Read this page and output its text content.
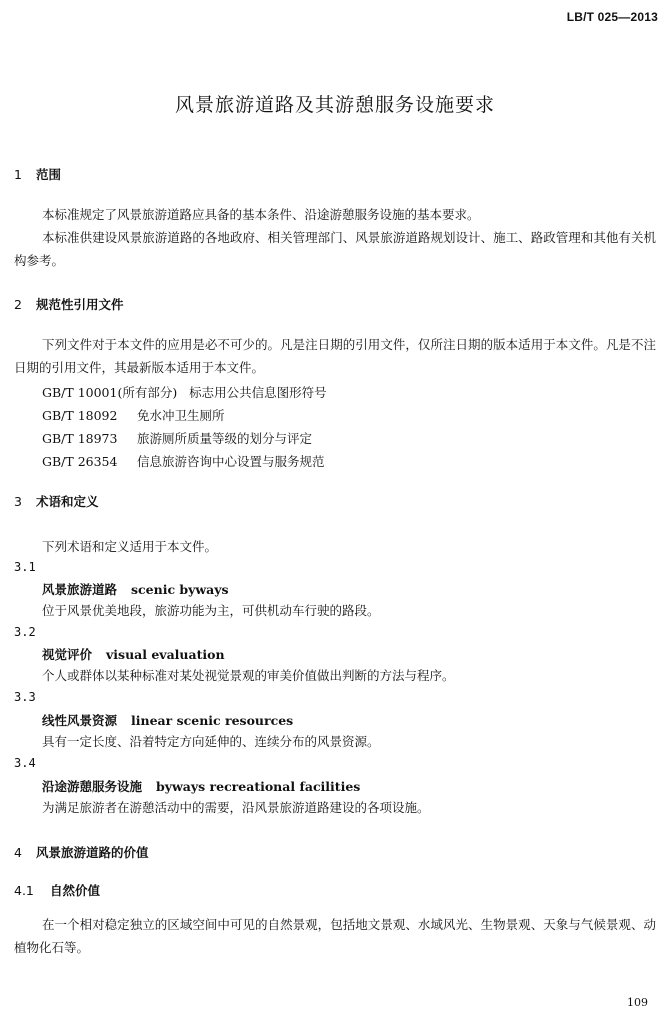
LB/T 025—2013
风景旅游道路及其游憩服务设施要求
1 范围
本标准规定了风景旅游道路应具备的基本条件、沿途游憩服务设施的基本要求。
本标准供建设风景旅游道路的各地政府、相关管理部门、风景旅游道路规划设计、施工、路政管理和其他有关机构参考。
2 规范性引用文件
下列文件对于本文件的应用是必不可少的。凡是注日期的引用文件，仅所注日期的版本适用于本文件。凡是不注日期的引用文件，其最新版本适用于本文件。
GB/T 10001(所有部分) 标志用公共信息图形符号
GB/T 18092 免水冲卫生厕所
GB/T 18973 旅游厕所质量等级的划分与评定
GB/T 26354 信息旅游咨询中心设置与服务规范
3 术语和定义
下列术语和定义适用于本文件。
3.1
风景旅游道路 scenic byways
位于风景优美地段，旅游功能为主，可供机动车行驶的路段。
3.2
视觉评价 visual evaluation
个人或群体以某种标准对某处视觉景观的审美价值做出判断的方法与程序。
3.3
线性风景资源 linear scenic resources
具有一定长度、沿着特定方向延伸的、连续分布的风景资源。
3.4
沿途游憩服务设施 byways recreational facilities
为满足旅游者在游憩活动中的需要，沿风景旅游道路建设的各项设施。
4 风景旅游道路的价值
4.1 自然价值
在一个相对稳定独立的区域空间中可见的自然景观，包括地文景观、水域风光、生物景观、天象与气候景观、动植物化石等。
109
